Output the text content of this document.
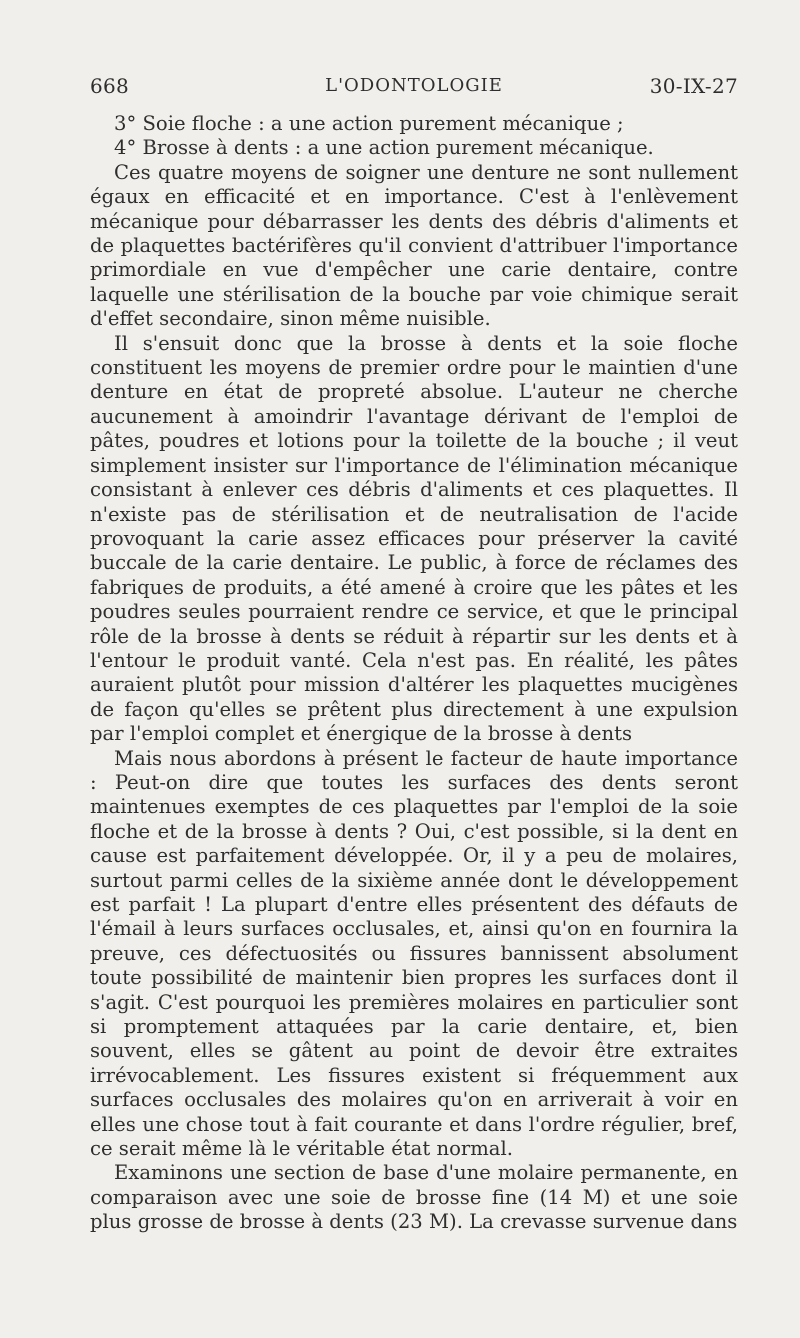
668	L'ODONTOLOGIE	30-IX-27

3° Soie floche : a une action purement mécanique ;

4° Brosse à dents : a une action purement mécanique.

Ces quatre moyens de soigner une denture ne sont nullement égaux en efficacité et en importance. C'est à l'enlèvement mécanique pour débarrasser les dents des débris d'aliments et de plaquettes bactérifères qu'il convient d'attribuer l'importance primordiale en vue d'empêcher une carie dentaire, contre laquelle une stérilisation de la bouche par voie chimique serait d'effet secondaire, sinon même nuisible.

Il s'ensuit donc que la brosse à dents et la soie floche constituent les moyens de premier ordre pour le maintien d'une denture en état de propreté absolue. L'auteur ne cherche aucunement à amoindrir l'avantage dérivant de l'emploi de pâtes, poudres et lotions pour la toilette de la bouche ; il veut simplement insister sur l'importance de l'élimination mécanique consistant à enlever ces débris d'aliments et ces plaquettes. Il n'existe pas de stérilisation et de neutralisation de l'acide provoquant la carie assez efficaces pour préserver la cavité buccale de la carie dentaire. Le public, à force de réclames des fabriques de produits, a été amené à croire que les pâtes et les poudres seules pourraient rendre ce service, et que le principal rôle de la brosse à dents se réduit à répartir sur les dents et à l'entour le produit vanté. Cela n'est pas. En réalité, les pâtes auraient plutôt pour mission d'altérer les plaquettes mucigènes de façon qu'elles se prêtent plus directement à une expulsion par l'emploi complet et énergique de la brosse à dents

Mais nous abordons à présent le facteur de haute importance : Peut-on dire que toutes les surfaces des dents seront maintenues exemptes de ces plaquettes par l'emploi de la soie floche et de la brosse à dents ? Oui, c'est possible, si la dent en cause est parfaitement développée. Or, il y a peu de molaires, surtout parmi celles de la sixième année dont le développement est parfait ! La plupart d'entre elles présentent des défauts de l'émail à leurs surfaces occlusales, et, ainsi qu'on en fournira la preuve, ces défectuosités ou fissures bannissent absolument toute possibilité de maintenir bien propres les surfaces dont il s'agit. C'est pourquoi les premières molaires en particulier sont si promptement attaquées par la carie dentaire, et, bien souvent, elles se gâtent au point de devoir être extraites irrévocablement. Les fissures existent si fréquemment aux surfaces occlusales des molaires qu'on en arriverait à voir en elles une chose tout à fait courante et dans l'ordre régulier, bref, ce serait même là le véritable état normal.

Examinons une section de base d'une molaire permanente, en comparaison avec une soie de brosse fine (14 M) et une soie plus grosse de brosse à dents (23 M). La crevasse survenue dans
